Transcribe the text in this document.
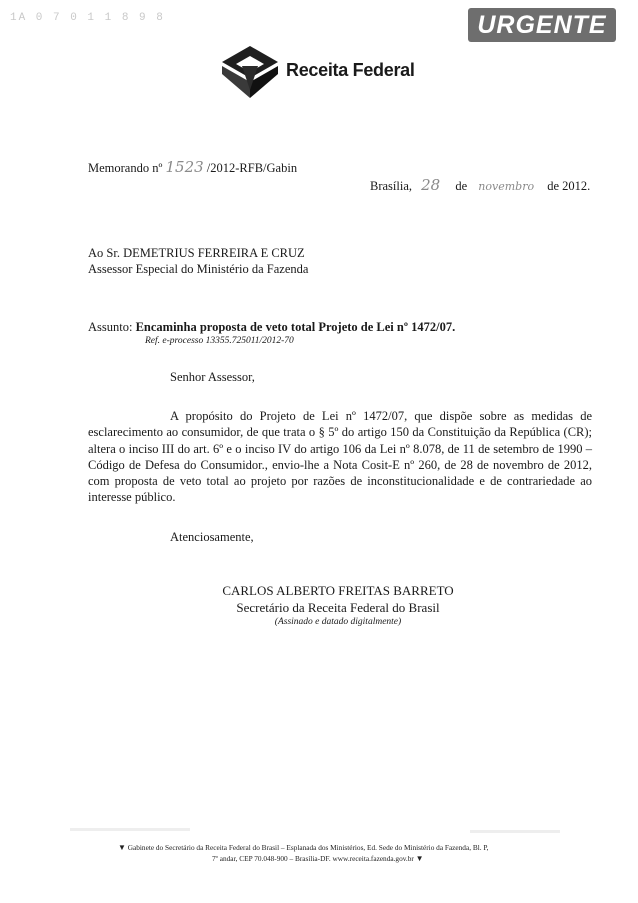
1A 0 7 0 1 1 8 9 8	URGENTE
Receita Federal
Memorando nº 1523 /2012-RFB/Gabin
Brasília, 28 de novembro de 2012.
Ao Sr. DEMETRIUS FERREIRA E CRUZ
Assessor Especial do Ministério da Fazenda
Assunto: Encaminha proposta de veto total Projeto de Lei nº 1472/07.
Ref. e-processo 13355.725011/2012-70
Senhor Assessor,
A propósito do Projeto de Lei nº 1472/07, que dispõe sobre as medidas de esclarecimento ao consumidor, de que trata o § 5º do artigo 150 da Constituição da República (CR); altera o inciso III do art. 6º e o inciso IV do artigo 106 da Lei nº 8.078, de 11 de setembro de 1990 – Código de Defesa do Consumidor., envio-lhe a Nota Cosit-E nº 260, de 28 de novembro de 2012, com proposta de veto total ao projeto por razões de inconstitucionalidade e de contrariedade ao interesse público.
Atenciosamente,
CARLOS ALBERTO FREITAS BARRETO
Secretário da Receita Federal do Brasil
(Assinado e datado digitalmente)
▼ Gabinete do Secretário da Receita Federal do Brasil – Esplanada dos Ministérios, Ed. Sede do Ministério da Fazenda, Bl. P,
7º andar, CEP 70.048-900 – Brasília-DF. www.receita.fazenda.gov.br ▼
